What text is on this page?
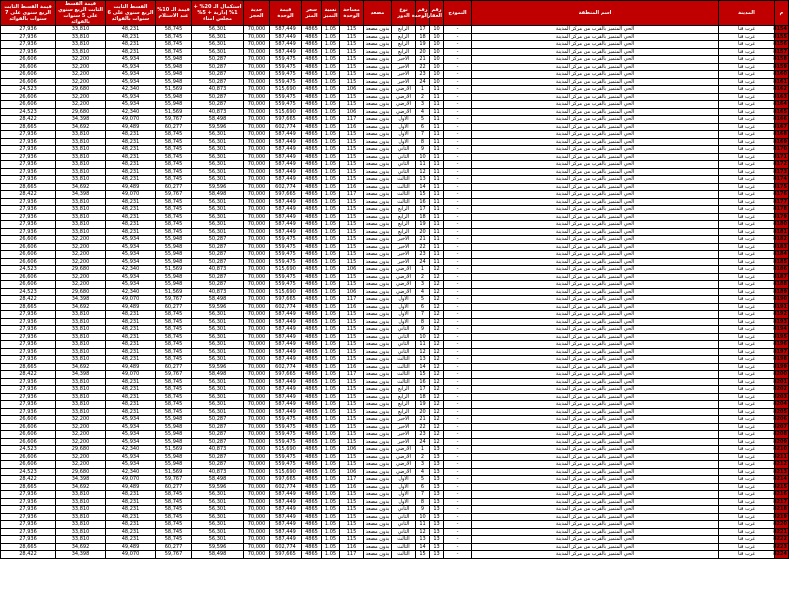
م	المدينة	اسم المنطقة	النموذج	رقم العقار	رقم الوحدة	نوع الدور	مصعد	مساحة الوحدة	نسبة التميز	سعر المتر	قيمة الوحدة	جدية الحجز	استكمال الـ 20% + 1% إدارية + 5% مجلس امناء	قيمة الـ 10% عند الاستلام	القسط الثابت الربع سنوي على 6 سنوات بالفوائد	قيمة القسط الثابت الربع سنوي على 5 سنوات بالفوائد	قيمة القسط الثابت الربع سنوي على 7 سنوات بالفوائد
8154	غرب قنا	الحي المتميز بالقرب من مركز المدينة	-	10	17	الرابع	بدون مصعد	115	1.05	4865	587,449	70,000	56,301	58,745	48,231	33,810	27,936
8155	غرب قنا	الحي المتميز بالقرب من مركز المدينة	-	10	18	الرابع	بدون مصعد	115	1.05	4865	587,449	70,000	56,301	58,745	48,231	33,810	27,936
8156	غرب قنا	الحي المتميز بالقرب من مركز المدينة	-	10	19	الرابع	بدون مصعد	115	1.05	4865	587,449	70,000	56,301	58,745	48,231	33,810	27,936
8157	غرب قنا	الحي المتميز بالقرب من مركز المدينة	-	10	20	الرابع	بدون مصعد	115	1.05	4865	587,449	70,000	56,301	58,745	48,231	33,810	27,936
8158	غرب قنا	الحي المتميز بالقرب من مركز المدينة	-	10	21	الأخير	بدون مصعد	115	1.05	4865	559,475	70,000	50,287	55,948	45,934	32,200	26,606
8159	غرب قنا	الحي المتميز بالقرب من مركز المدينة	-	10	22	الأخير	بدون مصعد	115	1.05	4865	559,475	70,000	50,287	55,948	45,934	32,200	26,606
8160	غرب قنا	الحي المتميز بالقرب من مركز المدينة	-	10	23	الأخير	بدون مصعد	115	1.05	4865	559,475	70,000	50,287	55,948	45,934	32,200	26,606
8161	غرب قنا	الحي المتميز بالقرب من مركز المدينة	-	10	24	الأخير	بدون مصعد	115	1.05	4865	559,475	70,000	50,287	55,948	45,934	32,200	26,606
8162	غرب قنا	الحي المتميز بالقرب من مركز المدينة	-	11	1	الأرضي	بدون مصعد	106	1.05	4865	515,690	70,000	40,873	51,569	42,340	29,680	24,523
8163	غرب قنا	الحي المتميز بالقرب من مركز المدينة	-	11	2	الأرضي	بدون مصعد	115	1.05	4865	559,475	70,000	50,287	55,948	45,934	32,200	26,606
8164	غرب قنا	الحي المتميز بالقرب من مركز المدينة	-	11	3	الأرضي	بدون مصعد	115	1.05	4865	559,475	70,000	50,287	55,948	45,934	32,200	26,606
8165	غرب قنا	الحي المتميز بالقرب من مركز المدينة	-	11	4	الأرضي	بدون مصعد	106	1.05	4865	515,690	70,000	40,873	51,569	42,340	29,680	24,523
8166	غرب قنا	الحي المتميز بالقرب من مركز المدينة	-	11	5	الأول	بدون مصعد	117	1.05	4865	597,665	70,000	58,498	59,767	49,070	34,398	28,422
8167	غرب قنا	الحي المتميز بالقرب من مركز المدينة	-	11	6	الأول	بدون مصعد	116	1.05	4865	602,774	70,000	59,596	60,277	49,489	34,692	28,665
8168	غرب قنا	الحي المتميز بالقرب من مركز المدينة	-	11	7	الأول	بدون مصعد	115	1.05	4865	587,449	70,000	56,301	58,745	48,231	33,810	27,936
8169	غرب قنا	الحي المتميز بالقرب من مركز المدينة	-	11	8	الأول	بدون مصعد	115	1.05	4865	587,449	70,000	56,301	58,745	48,231	33,810	27,936
8170	غرب قنا	الحي المتميز بالقرب من مركز المدينة	-	11	9	الثاني	بدون مصعد	115	1.05	4865	587,449	70,000	56,301	58,745	48,231	33,810	27,936
8171	غرب قنا	الحي المتميز بالقرب من مركز المدينة	-	11	10	الثاني	بدون مصعد	115	1.05	4865	587,449	70,000	56,301	58,745	48,231	33,810	27,936
8172	غرب قنا	الحي المتميز بالقرب من مركز المدينة	-	11	11	الثاني	بدون مصعد	115	1.05	4865	587,449	70,000	56,301	58,745	48,231	33,810	27,936
8173	غرب قنا	الحي المتميز بالقرب من مركز المدينة	-	11	12	الثاني	بدون مصعد	115	1.05	4865	587,449	70,000	56,301	58,745	48,231	33,810	27,936
8174	غرب قنا	الحي المتميز بالقرب من مركز المدينة	-	11	13	الثالث	بدون مصعد	115	1.05	4865	587,449	70,000	56,301	58,745	48,231	33,810	27,936
8175	غرب قنا	الحي المتميز بالقرب من مركز المدينة	-	11	14	الثالث	بدون مصعد	116	1.05	4865	602,774	70,000	59,596	60,277	49,489	34,692	28,665
8176	غرب قنا	الحي المتميز بالقرب من مركز المدينة	-	11	15	الثالث	بدون مصعد	117	1.05	4865	597,665	70,000	58,498	59,767	49,070	34,398	28,422
8177	غرب قنا	الحي المتميز بالقرب من مركز المدينة	-	11	16	الثالث	بدون مصعد	115	1.05	4865	587,449	70,000	56,301	58,745	48,231	33,810	27,936
8178	غرب قنا	الحي المتميز بالقرب من مركز المدينة	-	11	17	الرابع	بدون مصعد	115	1.05	4865	587,449	70,000	56,301	58,745	48,231	33,810	27,936
8179	غرب قنا	الحي المتميز بالقرب من مركز المدينة	-	11	18	الرابع	بدون مصعد	115	1.05	4865	587,449	70,000	56,301	58,745	48,231	33,810	27,936
8180	غرب قنا	الحي المتميز بالقرب من مركز المدينة	-	11	19	الرابع	بدون مصعد	115	1.05	4865	587,449	70,000	56,301	58,745	48,231	33,810	27,936
8181	غرب قنا	الحي المتميز بالقرب من مركز المدينة	-	11	20	الرابع	بدون مصعد	115	1.05	4865	587,449	70,000	56,301	58,745	48,231	33,810	27,936
8182	غرب قنا	الحي المتميز بالقرب من مركز المدينة	-	11	21	الأخير	بدون مصعد	115	1.05	4865	559,475	70,000	50,287	55,948	45,934	32,200	26,606
8183	غرب قنا	الحي المتميز بالقرب من مركز المدينة	-	11	22	الأخير	بدون مصعد	115	1.05	4865	559,475	70,000	50,287	55,948	45,934	32,200	26,606
8184	غرب قنا	الحي المتميز بالقرب من مركز المدينة	-	11	23	الأخير	بدون مصعد	115	1.05	4865	559,475	70,000	50,287	55,948	45,934	32,200	26,606
8185	غرب قنا	الحي المتميز بالقرب من مركز المدينة	-	11	24	الأخير	بدون مصعد	115	1.05	4865	559,475	70,000	50,287	55,948	45,934	32,200	26,606
8186	غرب قنا	الحي المتميز بالقرب من مركز المدينة	-	12	1	الأرضي	بدون مصعد	106	1.05	4865	515,690	70,000	40,873	51,569	42,340	29,680	24,523
8187	غرب قنا	الحي المتميز بالقرب من مركز المدينة	-	12	2	الأرضي	بدون مصعد	115	1.05	4865	559,475	70,000	50,287	55,948	45,934	32,200	26,606
8188	غرب قنا	الحي المتميز بالقرب من مركز المدينة	-	12	3	الأرضي	بدون مصعد	115	1.05	4865	559,475	70,000	50,287	55,948	45,934	32,200	26,606
8189	غرب قنا	الحي المتميز بالقرب من مركز المدينة	-	12	4	الأرضي	بدون مصعد	106	1.05	4865	515,690	70,000	40,873	51,569	42,340	29,680	24,523
8190	غرب قنا	الحي المتميز بالقرب من مركز المدينة	-	12	5	الأول	بدون مصعد	117	1.05	4865	597,665	70,000	58,498	59,767	49,070	34,398	28,422
8191	غرب قنا	الحي المتميز بالقرب من مركز المدينة	-	12	6	الأول	بدون مصعد	116	1.05	4865	602,774	70,000	59,596	60,277	49,489	34,692	28,665
8192	غرب قنا	الحي المتميز بالقرب من مركز المدينة	-	12	7	الأول	بدون مصعد	115	1.05	4865	587,449	70,000	56,301	58,745	48,231	33,810	27,936
8193	غرب قنا	الحي المتميز بالقرب من مركز المدينة	-	12	8	الأول	بدون مصعد	115	1.05	4865	587,449	70,000	56,301	58,745	48,231	33,810	27,936
8194	غرب قنا	الحي المتميز بالقرب من مركز المدينة	-	12	9	الثاني	بدون مصعد	115	1.05	4865	587,449	70,000	56,301	58,745	48,231	33,810	27,936
8195	غرب قنا	الحي المتميز بالقرب من مركز المدينة	-	12	10	الثاني	بدون مصعد	115	1.05	4865	587,449	70,000	56,301	58,745	48,231	33,810	27,936
8196	غرب قنا	الحي المتميز بالقرب من مركز المدينة	-	12	11	الثاني	بدون مصعد	115	1.05	4865	587,449	70,000	56,301	58,745	48,231	33,810	27,936
8197	غرب قنا	الحي المتميز بالقرب من مركز المدينة	-	12	12	الثاني	بدون مصعد	115	1.05	4865	587,449	70,000	56,301	58,745	48,231	33,810	27,936
8198	غرب قنا	الحي المتميز بالقرب من مركز المدينة	-	12	13	الثالث	بدون مصعد	115	1.05	4865	587,449	70,000	56,301	58,745	48,231	33,810	27,936
8199	غرب قنا	الحي المتميز بالقرب من مركز المدينة	-	12	14	الثالث	بدون مصعد	116	1.05	4865	602,774	70,000	59,596	60,277	49,489	34,692	28,665
8200	غرب قنا	الحي المتميز بالقرب من مركز المدينة	-	12	15	الثالث	بدون مصعد	117	1.05	4865	597,665	70,000	58,498	59,767	49,070	34,398	28,422
8201	غرب قنا	الحي المتميز بالقرب من مركز المدينة	-	12	16	الثالث	بدون مصعد	115	1.05	4865	587,449	70,000	56,301	58,745	48,231	33,810	27,936
8202	غرب قنا	الحي المتميز بالقرب من مركز المدينة	-	12	17	الرابع	بدون مصعد	115	1.05	4865	587,449	70,000	56,301	58,745	48,231	33,810	27,936
8203	غرب قنا	الحي المتميز بالقرب من مركز المدينة	-	12	18	الرابع	بدون مصعد	115	1.05	4865	587,449	70,000	56,301	58,745	48,231	33,810	27,936
8204	غرب قنا	الحي المتميز بالقرب من مركز المدينة	-	12	19	الرابع	بدون مصعد	115	1.05	4865	587,449	70,000	56,301	58,745	48,231	33,810	27,936
8205	غرب قنا	الحي المتميز بالقرب من مركز المدينة	-	12	20	الرابع	بدون مصعد	115	1.05	4865	587,449	70,000	56,301	58,745	48,231	33,810	27,936
8206	غرب قنا	الحي المتميز بالقرب من مركز المدينة	-	12	21	الأخير	بدون مصعد	115	1.05	4865	559,475	70,000	50,287	55,948	45,934	32,200	26,606
8207	غرب قنا	الحي المتميز بالقرب من مركز المدينة	-	12	22	الأخير	بدون مصعد	115	1.05	4865	559,475	70,000	50,287	55,948	45,934	32,200	26,606
8208	غرب قنا	الحي المتميز بالقرب من مركز المدينة	-	12	23	الأخير	بدون مصعد	115	1.05	4865	559,475	70,000	50,287	55,948	45,934	32,200	26,606
8209	غرب قنا	الحي المتميز بالقرب من مركز المدينة	-	12	24	الأخير	بدون مصعد	115	1.05	4865	559,475	70,000	50,287	55,948	45,934	32,200	26,606
8210	غرب قنا	الحي المتميز بالقرب من مركز المدينة	-	13	1	الأرضي	بدون مصعد	106	1.05	4865	515,690	70,000	40,873	51,569	42,340	29,680	24,523
8211	غرب قنا	الحي المتميز بالقرب من مركز المدينة	-	13	2	الأرضي	بدون مصعد	115	1.05	4865	559,475	70,000	50,287	55,948	45,934	32,200	26,606
8212	غرب قنا	الحي المتميز بالقرب من مركز المدينة	-	13	3	الأرضي	بدون مصعد	115	1.05	4865	559,475	70,000	50,287	55,948	45,934	32,200	26,606
8213	غرب قنا	الحي المتميز بالقرب من مركز المدينة	-	13	4	الأرضي	بدون مصعد	106	1.05	4865	515,690	70,000	40,873	51,569	42,340	29,680	24,523
8214	غرب قنا	الحي المتميز بالقرب من مركز المدينة	-	13	5	الأول	بدون مصعد	117	1.05	4865	597,665	70,000	58,498	59,767	49,070	34,398	28,422
8215	غرب قنا	الحي المتميز بالقرب من مركز المدينة	-	13	6	الأول	بدون مصعد	116	1.05	4865	602,774	70,000	59,596	60,277	49,489	34,692	28,665
8216	غرب قنا	الحي المتميز بالقرب من مركز المدينة	-	13	7	الأول	بدون مصعد	115	1.05	4865	587,449	70,000	56,301	58,745	48,231	33,810	27,936
8217	غرب قنا	الحي المتميز بالقرب من مركز المدينة	-	13	8	الأول	بدون مصعد	115	1.05	4865	587,449	70,000	56,301	58,745	48,231	33,810	27,936
8218	غرب قنا	الحي المتميز بالقرب من مركز المدينة	-	13	9	الثاني	بدون مصعد	115	1.05	4865	587,449	70,000	56,301	58,745	48,231	33,810	27,936
8219	غرب قنا	الحي المتميز بالقرب من مركز المدينة	-	13	10	الثاني	بدون مصعد	115	1.05	4865	587,449	70,000	56,301	58,745	48,231	33,810	27,936
8220	غرب قنا	الحي المتميز بالقرب من مركز المدينة	-	13	11	الثاني	بدون مصعد	115	1.05	4865	587,449	70,000	56,301	58,745	48,231	33,810	27,936
8221	غرب قنا	الحي المتميز بالقرب من مركز المدينة	-	13	12	الثاني	بدون مصعد	115	1.05	4865	587,449	70,000	56,301	58,745	48,231	33,810	27,936
8222	غرب قنا	الحي المتميز بالقرب من مركز المدينة	-	13	13	الثالث	بدون مصعد	115	1.05	4865	587,449	70,000	56,301	58,745	48,231	33,810	27,936
8223	غرب قنا	الحي المتميز بالقرب من مركز المدينة	-	13	14	الثالث	بدون مصعد	116	1.05	4865	602,774	70,000	59,596	60,277	49,489	34,692	28,665
8224	غرب قنا	الحي المتميز بالقرب من مركز المدينة	-	13	15	الثالث	بدون مصعد	117	1.05	4865	597,665	70,000	58,498	59,767	49,070	34,398	28,422
